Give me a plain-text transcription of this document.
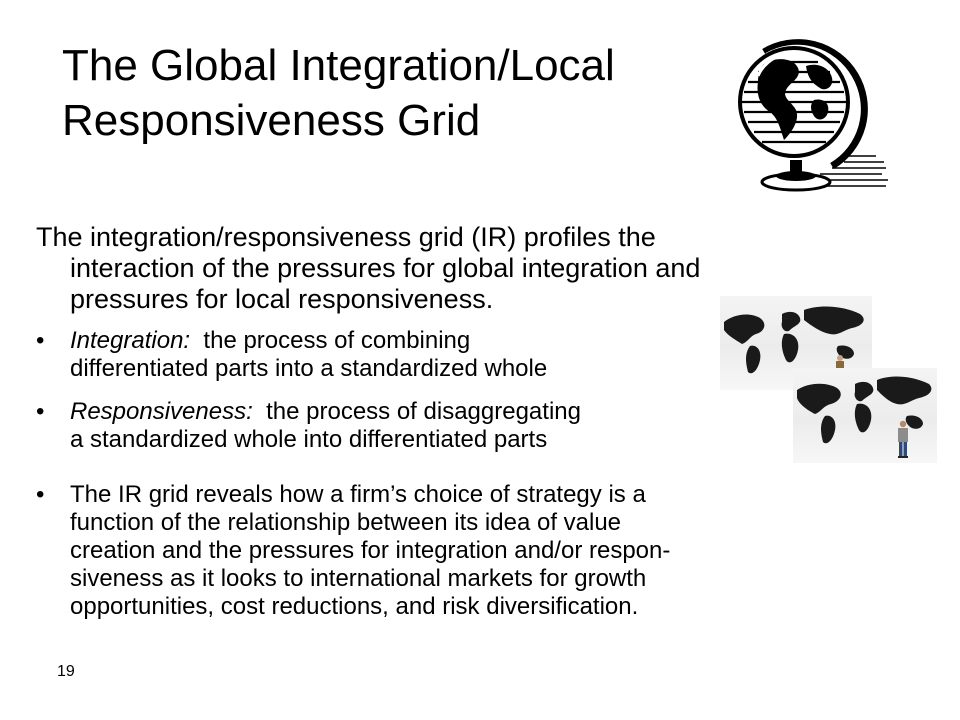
The Global Integration/Local
Responsiveness Grid

The integration/responsiveness grid (IR) profiles the
interaction of the pressures for global integration and
pressures for local responsiveness.

•	Integration:  the process of combining
differentiated parts into a standardized whole
•	Responsiveness:  the process of disaggregating
a standardized whole into differentiated parts
•	The IR grid reveals how a firm’s choice of strategy is a
function of the relationship between its idea of value
creation and the pressures for integration and/or respon-
siveness as it looks to international markets for growth
opportunities, cost reductions, and risk diversification.

19
